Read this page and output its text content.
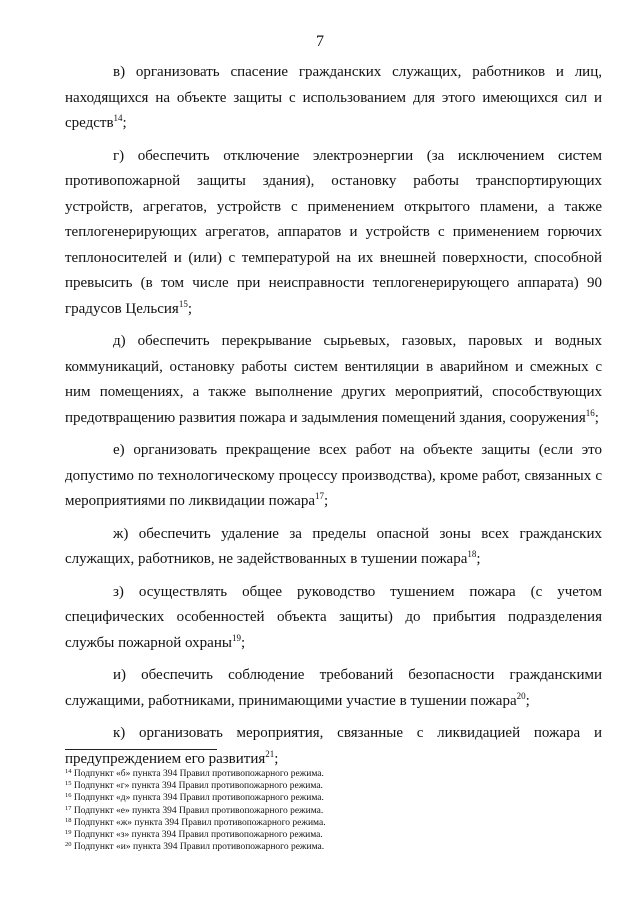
7

в) организовать спасение гражданских служащих, работников и лиц, находящихся на объекте защиты с использованием для этого имеющихся сил и средств$^{14}$;

г) обеспечить отключение электроэнергии (за исключением систем противопожарной защиты здания), остановку работы транспортирующих устройств, агрегатов, устройств с применением открытого пламени, а также теплогенерирующих агрегатов, аппаратов и устройств с применением горючих теплоносителей и (или) с температурой на их внешней поверхности, способной превысить (в том числе при неисправности теплогенерирующего аппарата) 90 градусов Цельсия$^{15}$;

д) обеспечить перекрывание сырьевых, газовых, паровых и водных коммуникаций, остановку работы систем вентиляции в аварийном и смежных с ним помещениях, а также выполнение других мероприятий, способствующих предотвращению развития пожара и задымления помещений здания, сооружения$^{16}$;

е) организовать прекращение всех работ на объекте защиты (если это допустимо по технологическому процессу производства), кроме работ, связанных с мероприятиями по ликвидации пожара$^{17}$;

ж) обеспечить удаление за пределы опасной зоны всех гражданских служащих, работников, не задействованных в тушении пожара$^{18}$;

з) осуществлять общее руководство тушением пожара (с учетом специфических особенностей объекта защиты) до прибытия подразделения службы пожарной охраны$^{19}$;

и) обеспечить соблюдение требований безопасности гражданскими служащими, работниками, принимающими участие в тушении пожара$^{20}$;

к) организовать мероприятия, связанные с ликвидацией пожара и предупреждением его развития$^{21}$;

$^{14}$ Подпункт «б» пункта 394 Правил противопожарного режима.

$^{15}$ Подпункт «г» пункта 394 Правил противопожарного режима.

$^{16}$ Подпункт «д» пункта 394 Правил противопожарного режима.

$^{17}$ Подпункт «е» пункта 394 Правил противопожарного режима.

$^{18}$ Подпункт «ж» пункта 394 Правил противопожарного режима.

$^{19}$ Подпункт «з» пункта 394 Правил противопожарного режима.

$^{20}$ Подпункт «и» пункта 394 Правил противопожарного режима.
